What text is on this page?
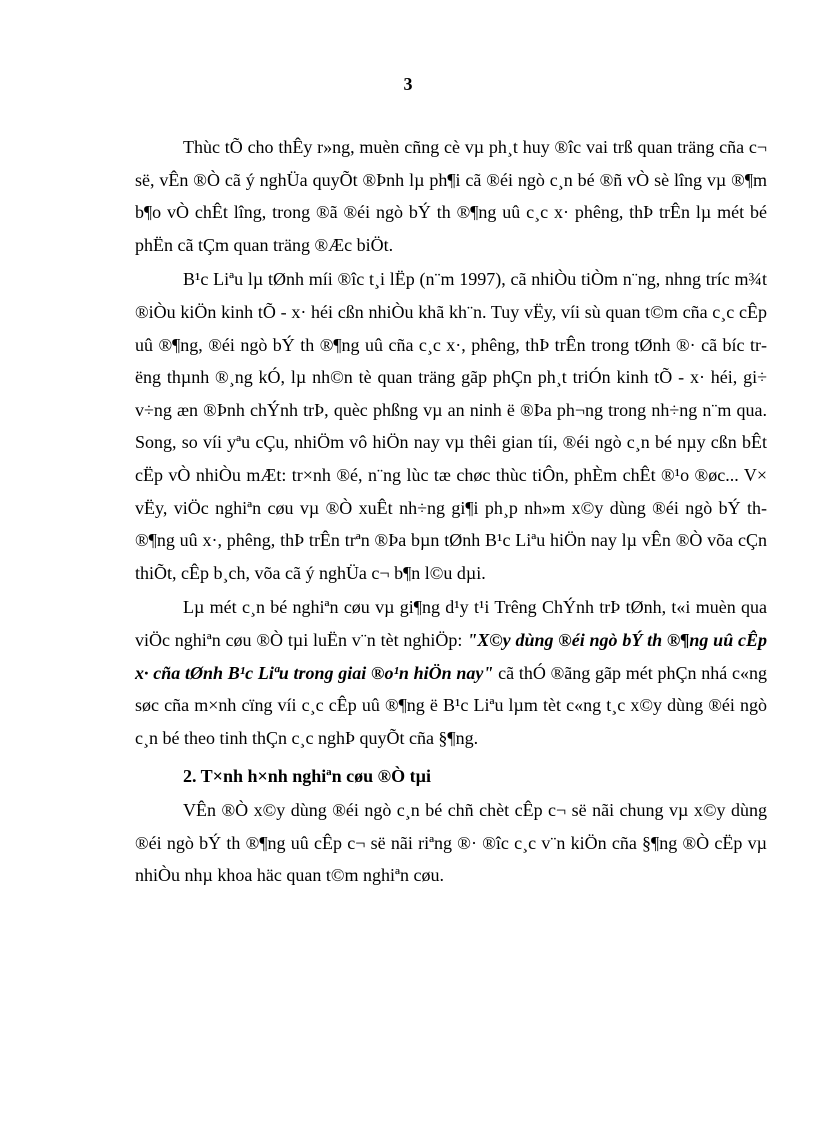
3

Thùc tÕ cho thÊy r»ng, muèn cñng cè vµ ph¸t huy ®îc vai trß quan träng cña c¬ së, vÊn ®Ò cã ý nghÜa quyÕt ®Þnh lµ ph¶i cã ®éi ngò c¸n bé ®ñ vÒ sè lîng vµ ®¶m b¶o vÒ chÊt lîng, trong ®ã ®éi ngò bÝ th ®¶ng uû c¸c x· phêng, thÞ trÊn lµ mét bé phËn cã tÇm quan träng ®Æc biÖt.

B¹c Liªu lµ tØnh míi ®îc t¸i lËp (n¨m 1997), cã nhiÒu tiÒm n¨ng, nhng tríc m¾t ®iÒu kiÖn kinh tÕ - x· héi cßn nhiÒu khã kh¨n. Tuy vËy, víi sù quan t©m cña c¸c cÊp uû ®¶ng, ®éi ngò bÝ th ®¶ng uû cña c¸c x·, phêng, thÞ trÊn trong tØnh ®· cã bíc trëng thµnh ®¸ng kÓ, lµ nh©n tè quan träng gãp phÇn ph¸t triÓn kinh tÕ - x· héi, gi÷ v÷ng æn ®Þnh chÝnh trÞ, quèc phßng vµ an ninh ë ®Þa ph¬ng trong nh÷ng n¨m qua. Song, so víi yªu cÇu, nhiÖm vô hiÖn nay vµ thêi gian tíi, ®éi ngò c¸n bé nµy cßn bÊt cËp vÒ nhiÒu mÆt: tr×nh ®é, n¨ng lùc tæ chøc thùc tiÔn, phÈm chÊt ®¹o ®øc... V× vËy, viÖc nghiªn cøu vµ ®Ò xuÊt nh÷ng gi¶i ph¸p nh»m x©y dùng ®éi ngò bÝ th ®¶ng uû x·, phêng, thÞ trÊn trªn ®Þa bµn tØnh B¹c Liªu hiÖn nay lµ vÊn ®Ò võa cÇn thiÕt, cÊp b¸ch, võa cã ý nghÜa c¬ b¶n l©u dµi.

Lµ mét c¸n bé nghiªn cøu vµ gi¶ng d¹y t¹i Trêng ChÝnh trÞ tØnh, t«i muèn qua viÖc nghiªn cøu ®Ò tµi luËn v¨n tèt nghiÖp: "X©y dùng ®éi ngò bÝ th ®¶ng uû cÊp x· cña tØnh B¹c Liªu trong giai ®o¹n hiÖn nay" cã thÓ ®ãng gãp mét phÇn nhá c«ng søc cña m×nh cïng víi c¸c cÊp uû ®¶ng ë B¹c Liªu lµm tèt c«ng t¸c x©y dùng ®éi ngò c¸n bé theo tinh thÇn c¸c nghÞ quyÕt cña §¶ng.

2. T×nh h×nh nghiªn cøu ®Ò tµi

VÊn ®Ò x©y dùng ®éi ngò c¸n bé chñ chèt cÊp c¬ së nãi chung vµ x©y dùng ®éi ngò bÝ th ®¶ng uû cÊp c¬ së nãi riªng ®· ®îc c¸c v¨n kiÖn cña §¶ng ®Ò cËp vµ nhiÒu nhµ khoa häc quan t©m nghiªn cøu.
